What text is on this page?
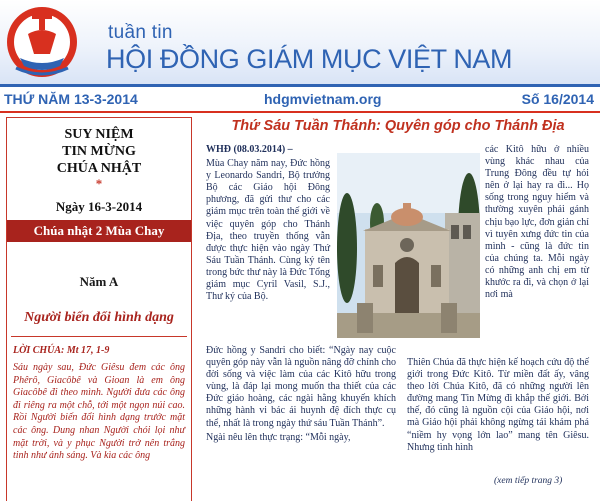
tuần tin
HỘI ĐỒNG GIÁM MỤC VIỆT NAM
THỨ NĂM 13-3-2014	hdgmvietnam.org	Số 16/2014
SUY NIỆM
TIN MỪNG
CHÚA NHẬT
*
Ngày 16-3-2014
Chúa nhật 2 Mùa Chay
Năm A
Người biến đổi hình dạng
LỜI CHÚA: Mt 17, 1-9
Sáu ngày sau, Đức Giêsu đem các ông Phêrô, Giacôbê và Gioan là em ông Giacôbê đi theo mình. Người đưa các ông đi riêng ra một chỗ, tới một ngọn núi cao. Rồi Người biến đổi hình dạng trước mặt các ông. Dung nhan Người chói lọi như mặt trời, và y phục Người trở nên trắng tinh như ánh sáng. Và kìa các ông
Thứ Sáu Tuần Thánh: Quyên góp cho Thánh Địa

WHĐ (08.03.2014) –

Mùa Chay năm nay, Đức hồng y Leonardo Sandri, Bộ trưởng Bộ các Giáo hội Đông phương, đã gửi thư cho các giám mục trên toàn thế giới về việc quyên góp cho Thánh Địa, theo truyền thống vẫn được thực hiện vào ngày Thứ Sáu Tuần Thánh. Cùng ký tên trong bức thư này là Đức Tổng giám mục Cyril Vasil, S.J., Thư ký của Bộ.

Đức hồng y Sandri cho biết: “Ngày nay cuộc quyên góp này vẫn là nguồn nâng đỡ chính cho đời sống và việc làm của các Kitô hữu trong vùng, là đáp lại mong muốn tha thiết của các Đức giáo hoàng, các ngài hằng khuyến khích những hành vi bác ái huynh đệ đích thực cụ thể, nhất là trong ngày thứ sáu Tuần Thánh”.

Ngài nêu lên thực trạng: “Mỗi ngày,

các Kitô hữu ở nhiều vùng khác nhau của Trung Đông đều tự hỏi nên ở lại hay ra đi... Họ sống trong nguy hiểm và thường xuyên phải gánh chịu bạo lực, đơn giản chỉ vì tuyên xưng đức tin của mình - cũng là đức tin của chúng ta. Mỗi ngày có những anh chị em từ khước ra đi, và chọn ở lại nơi mà

Thiên Chúa đã thực hiện kế hoạch cứu độ thế giới trong Đức Kitô. Từ miền đất ấy, vâng theo lời Chúa Kitô, đã có những người lên đường mang Tin Mừng đi khắp thế giới. Bởi thế, đó cũng là nguồn cội của Giáo hội, nơi mà Giáo hội phải không ngừng tái khám phá “niềm hy vọng lớn lao” mang tên Giêsu. Nhưng tình hình

(xem tiếp trang 3)
